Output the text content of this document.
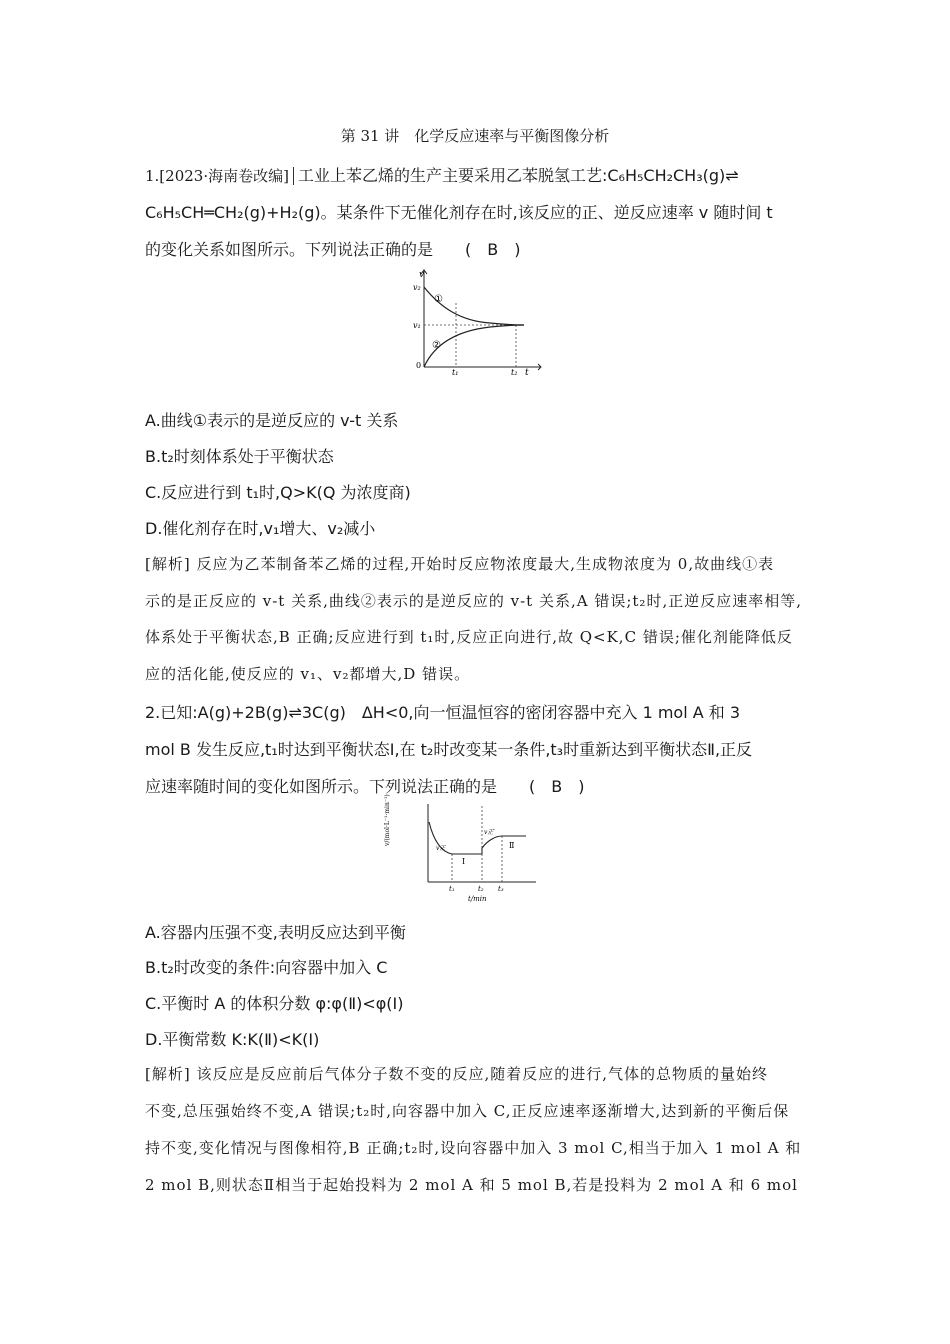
第 31 讲　化学反应速率与平衡图像分析
1.[2023·海南卷改编] 工业上苯乙烯的生产主要采用乙苯脱氢工艺:C₆H₅CH₂CH₃(g)⇌
C₆H₅CH═CH₂(g)+H₂(g)。某条件下无催化剂存在时,该反应的正、逆反应速率 v 随时间 t
的变化关系如图所示。下列说法正确的是　　(　B　)
v
v₂
v₁
0
t₁	t₂ t
①
②
A.曲线①表示的是逆反应的 v-t 关系
B.t₂时刻体系处于平衡状态
C.反应进行到 t₁时,Q>K(Q 为浓度商)
D.催化剂存在时,v₁增大、v₂减小
[解析] 反应为乙苯制备苯乙烯的过程,开始时反应物浓度最大,生成物浓度为 0,故曲线①表
示的是正反应的 v-t 关系,曲线②表示的是逆反应的 v-t 关系,A 错误;t₂时,正逆反应速率相等,
体系处于平衡状态,B 正确;反应进行到 t₁时,反应正向进行,故 Q<K,C 错误;催化剂能降低反
应的活化能,使反应的 v₁、v₂都增大,D 错误。
2.已知:A(g)+2B(g)⇌3C(g)　ΔH<0,向一恒温恒容的密闭容器中充入 1 mol A 和 3
mol B 发生反应,t₁时达到平衡状态Ⅰ,在 t₂时改变某一条件,t₃时重新达到平衡状态Ⅱ,正反
应速率随时间的变化如图所示。下列说法正确的是　　(　B　)
v/(mol·L⁻¹·min⁻¹)
t/min
t₁	t₂ t₃
v正
v正′
Ⅰ
Ⅱ
A.容器内压强不变,表明反应达到平衡
B.t₂时改变的条件:向容器中加入 C
C.平衡时 A 的体积分数 φ:φ(Ⅱ)<φ(Ⅰ)
D.平衡常数 K:K(Ⅱ)<K(Ⅰ)
[解析] 该反应是反应前后气体分子数不变的反应,随着反应的进行,气体的总物质的量始终
不变,总压强始终不变,A 错误;t₂时,向容器中加入 C,正反应速率逐渐增大,达到新的平衡后保
持不变,变化情况与图像相符,B 正确;t₂时,设向容器中加入 3 mol C,相当于加入 1 mol A 和
2 mol B,则状态Ⅱ相当于起始投料为 2 mol A 和 5 mol B,若是投料为 2 mol A 和 6 mol
